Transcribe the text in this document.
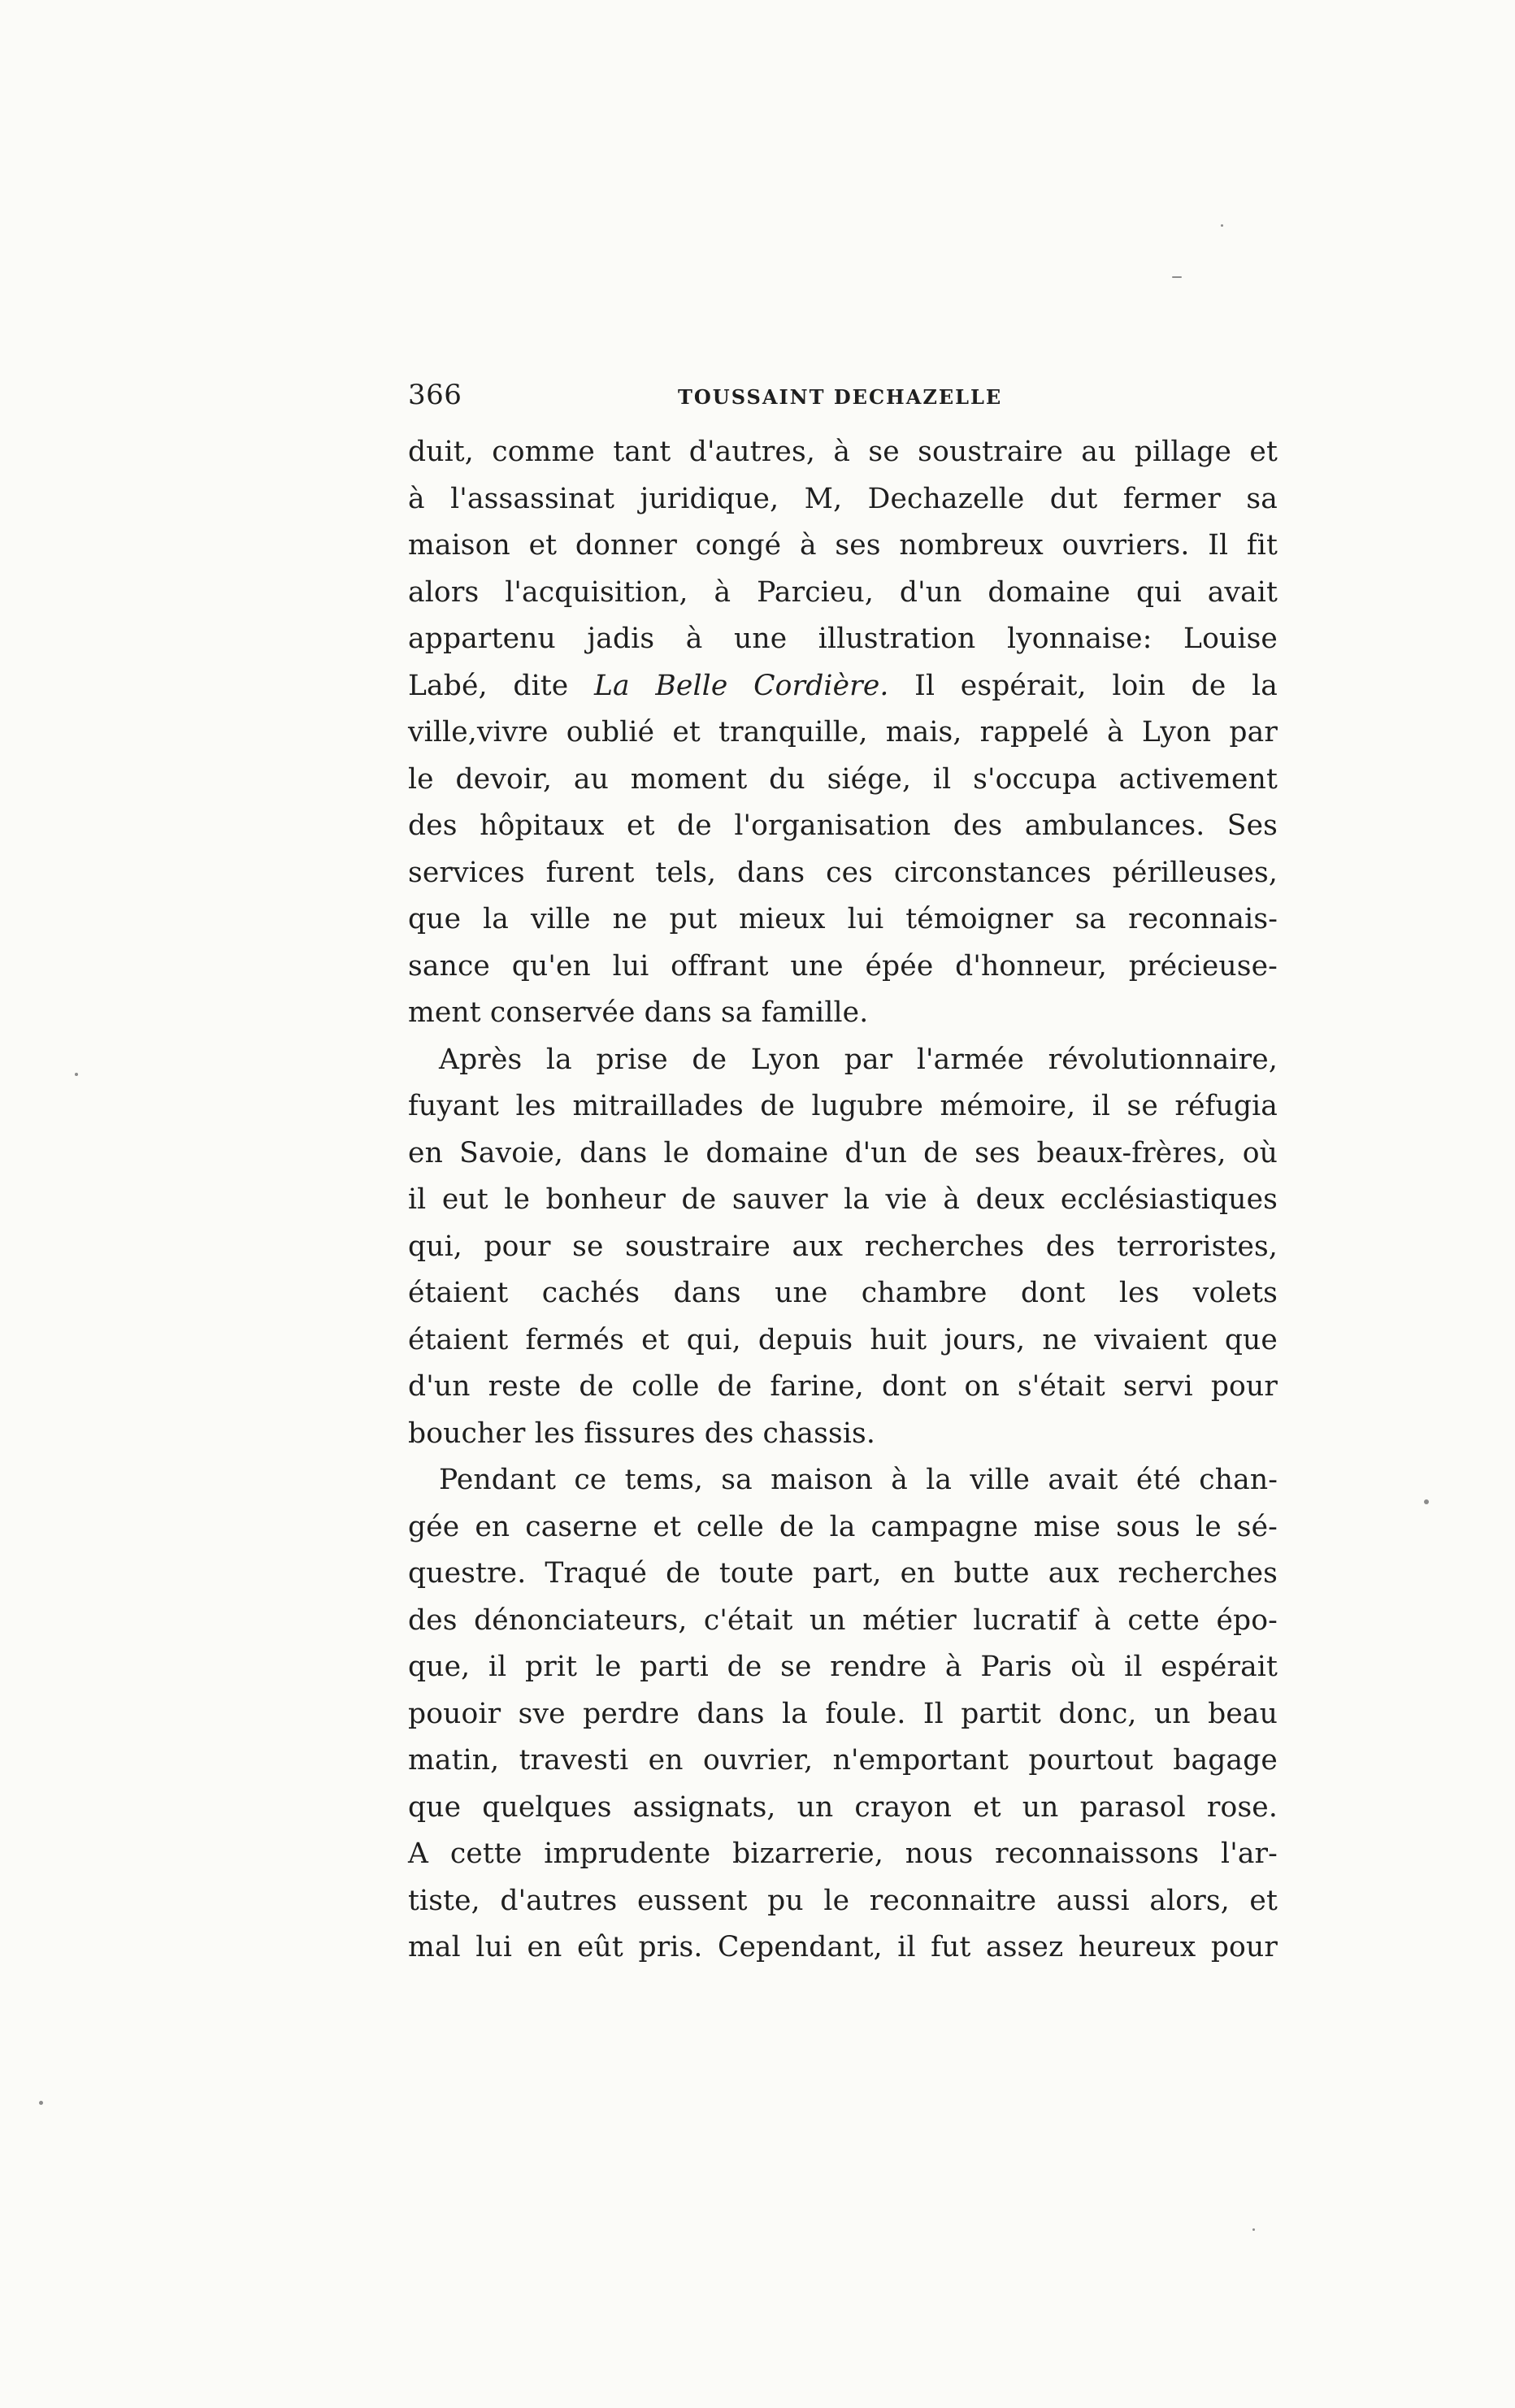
366	TOUSSAINT DECHAZELLE
duit, comme tant d'autres, à se soustraire au pillage et
à l'assassinat juridique, M, Dechazelle dut fermer sa
maison et donner congé à ses nombreux ouvriers. Il fit
alors l'acquisition, à Parcieu, d'un domaine qui avait
appartenu jadis à une illustration lyonnaise: Louise
Labé, dite La Belle Cordière. Il espérait, loin de la
ville,vivre oublié et tranquille, mais, rappelé à Lyon par
le devoir, au moment du siége, il s'occupa activement
des hôpitaux et de l'organisation des ambulances. Ses
services furent tels, dans ces circonstances périlleuses,
que la ville ne put mieux lui témoigner sa reconnais-
sance qu'en lui offrant une épée d'honneur, précieuse-
ment conservée dans sa famille.
Après la prise de Lyon par l'armée révolutionnaire,
fuyant les mitraillades de lugubre mémoire, il se réfugia
en Savoie, dans le domaine d'un de ses beaux-frères, où
il eut le bonheur de sauver la vie à deux ecclésiastiques
qui, pour se soustraire aux recherches des terroristes,
étaient cachés dans une chambre dont les volets
étaient fermés et qui, depuis huit jours, ne vivaient que
d'un reste de colle de farine, dont on s'était servi pour
boucher les fissures des chassis.
Pendant ce tems, sa maison à la ville avait été chan-
gée en caserne et celle de la campagne mise sous le sé-
questre. Traqué de toute part, en butte aux recherches
des dénonciateurs, c'était un métier lucratif à cette épo-
que, il prit le parti de se rendre à Paris où il espérait
pouoir sve perdre dans la foule. Il partit donc, un beau
matin, travesti en ouvrier, n'emportant pourtout bagage
que quelques assignats, un crayon et un parasol rose.
A cette imprudente bizarrerie, nous reconnaissons l'ar-
tiste, d'autres eussent pu le reconnaitre aussi alors, et
mal lui en eût pris. Cependant, il fut assez heureux pour
